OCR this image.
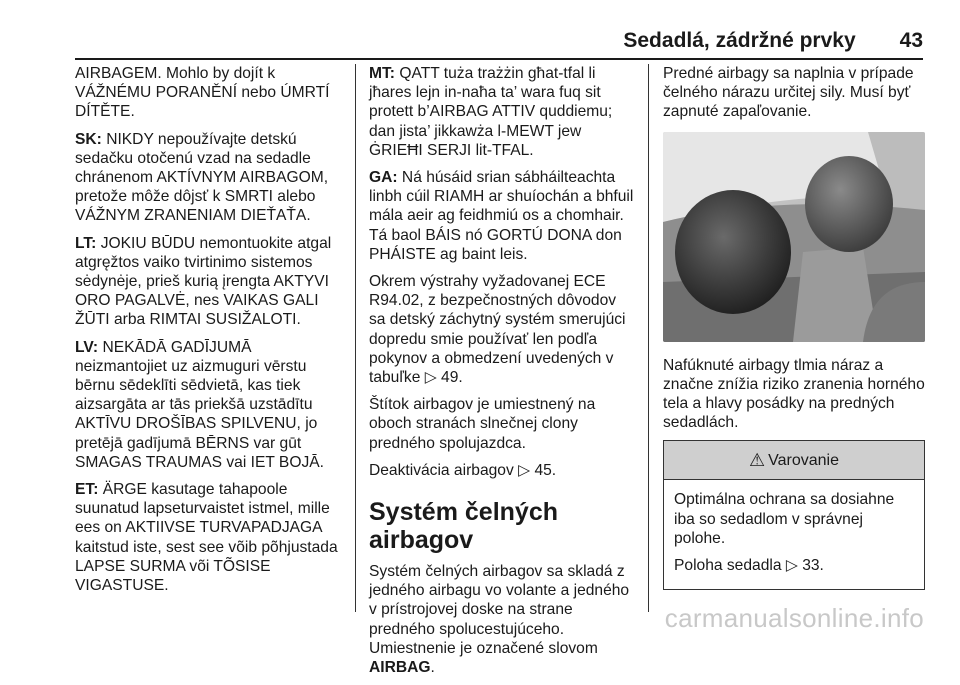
Sedadlá, zádržné prvky 43

AIRBAGEM. Mohlo by dojít k VÁŽNÉMU PORANĚNÍ nebo ÚMRTÍ DÍTĚTE.

SK: NIKDY nepoužívajte detskú sedačku otočenú vzad na sedadle chránenom AKTÍVNYM AIRBAGOM, pretože môže dôjsť k SMRTI alebo VÁŽNYM ZRANENIAM DIEŤAŤA.

LT: JOKIU BŪDU nemontuokite atgal atgręžtos vaiko tvirtinimo sistemos sėdynėje, prieš kurią įrengta AKTYVI ORO PAGALVĖ, nes VAIKAS GALI ŽŪTI arba RIMTAI SUSIŽALOTI.

LV: NEKĀDĀ GADĪJUMĀ neizmantojiet uz aizmuguri vērstu bērnu sēdeklīti sēdvietā, kas tiek aizsargāta ar tās priekšā uzstādītu AKTĪVU DROŠĪBAS SPILVENU, jo pretējā gadījumā BĒRNS var gūt SMAGAS TRAUMAS vai IET BOJĀ.

ET: ÄRGE kasutage tahapoole suunatud lapseturvaistet istmel, mille ees on AKTIIVSE TURVAPADJAGA kaitstud iste, sest see võib põhjustada LAPSE SURMA või TÕSISE VIGASTUSE.

MT: QATT tuża trażżin għat-tfal li jħares lejn in-naħa ta’ wara fuq sit protett b’AIRBAG ATTIV quddiemu; dan jista’ jikkawża l-MEWT jew ĠRIEĦI SERJI lit-TFAL.

GA: Ná húsáid srian sábháilteachta linbh cúil RIAMH ar shuíochán a bhfuil mála aeir ag feidhmiú os a chomhair. Tá baol BÁIS nó GORTÚ DONA don PHÁISTE ag baint leis.

Okrem výstrahy vyžadovanej ECE R94.02, z bezpečnostných dôvodov sa detský záchytný systém smerujúci dopredu smie používať len podľa pokynov a obmedzení uvedených v tabuľke ▷ 49.

Štítok airbagov je umiestnený na oboch stranách slnečnej clony predného spolujazdca.

Deaktivácia airbagov ▷ 45.

Systém čelných airbagov

Systém čelných airbagov sa skladá z jedného airbagu vo volante a jedného v prístrojovej doske na strane predného spolucestujúceho. Umiestnenie je označené slovom AIRBAG.

Predné airbagy sa naplnia v prípade čelného nárazu určitej sily. Musí byť zapnuté zapaľovanie.

Nafúknuté airbagy tlmia náraz a značne znížia riziko zranenia horného tela a hlavy posádky na predných sedadlách.

⚠ Varovanie

Optimálna ochrana sa dosiahne iba so sedadlom v správnej polohe.

Poloha sedadla ▷ 33.

carmanualsonline.info
